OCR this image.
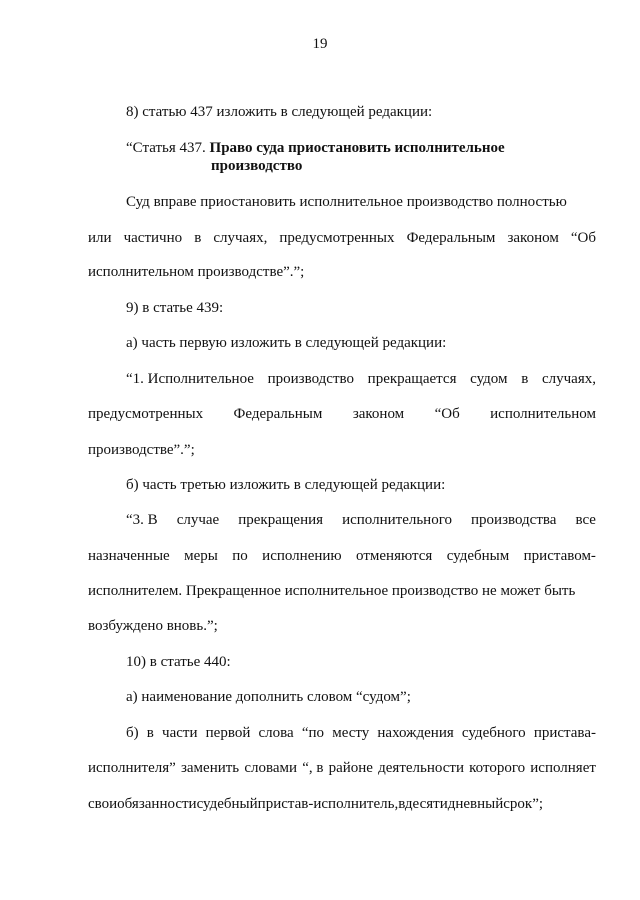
19
8) статью 437 изложить в следующей редакции:
“Статья 437. Право суда приостановить исполнительное
производство
Суд вправе приостановить исполнительное производство полностью
или частично в случаях, предусмотренных Федеральным законом “Об
исполнительном производстве”.”;
9) в статье 439:
а) часть первую изложить в следующей редакции:
“1. Исполнительное производство прекращается судом в случаях,
предусмотренных Федеральным законом “Об исполнительном
производстве”.”;
б) часть третью изложить в следующей редакции:
“3. В случае прекращения исполнительного производства все
назначенные меры по исполнению отменяются судебным приставом-
исполнителем. Прекращенное исполнительное производство не может быть
возбуждено вновь.”;
10) в статье 440:
а) наименование дополнить словом “судом”;
б) в части первой слова “по месту нахождения судебного пристава-
исполнителя” заменить словами “, в районе деятельности которого исполняет
своиобязанностисудебныйпристав-исполнитель,вдесятидневныйсрок”;
